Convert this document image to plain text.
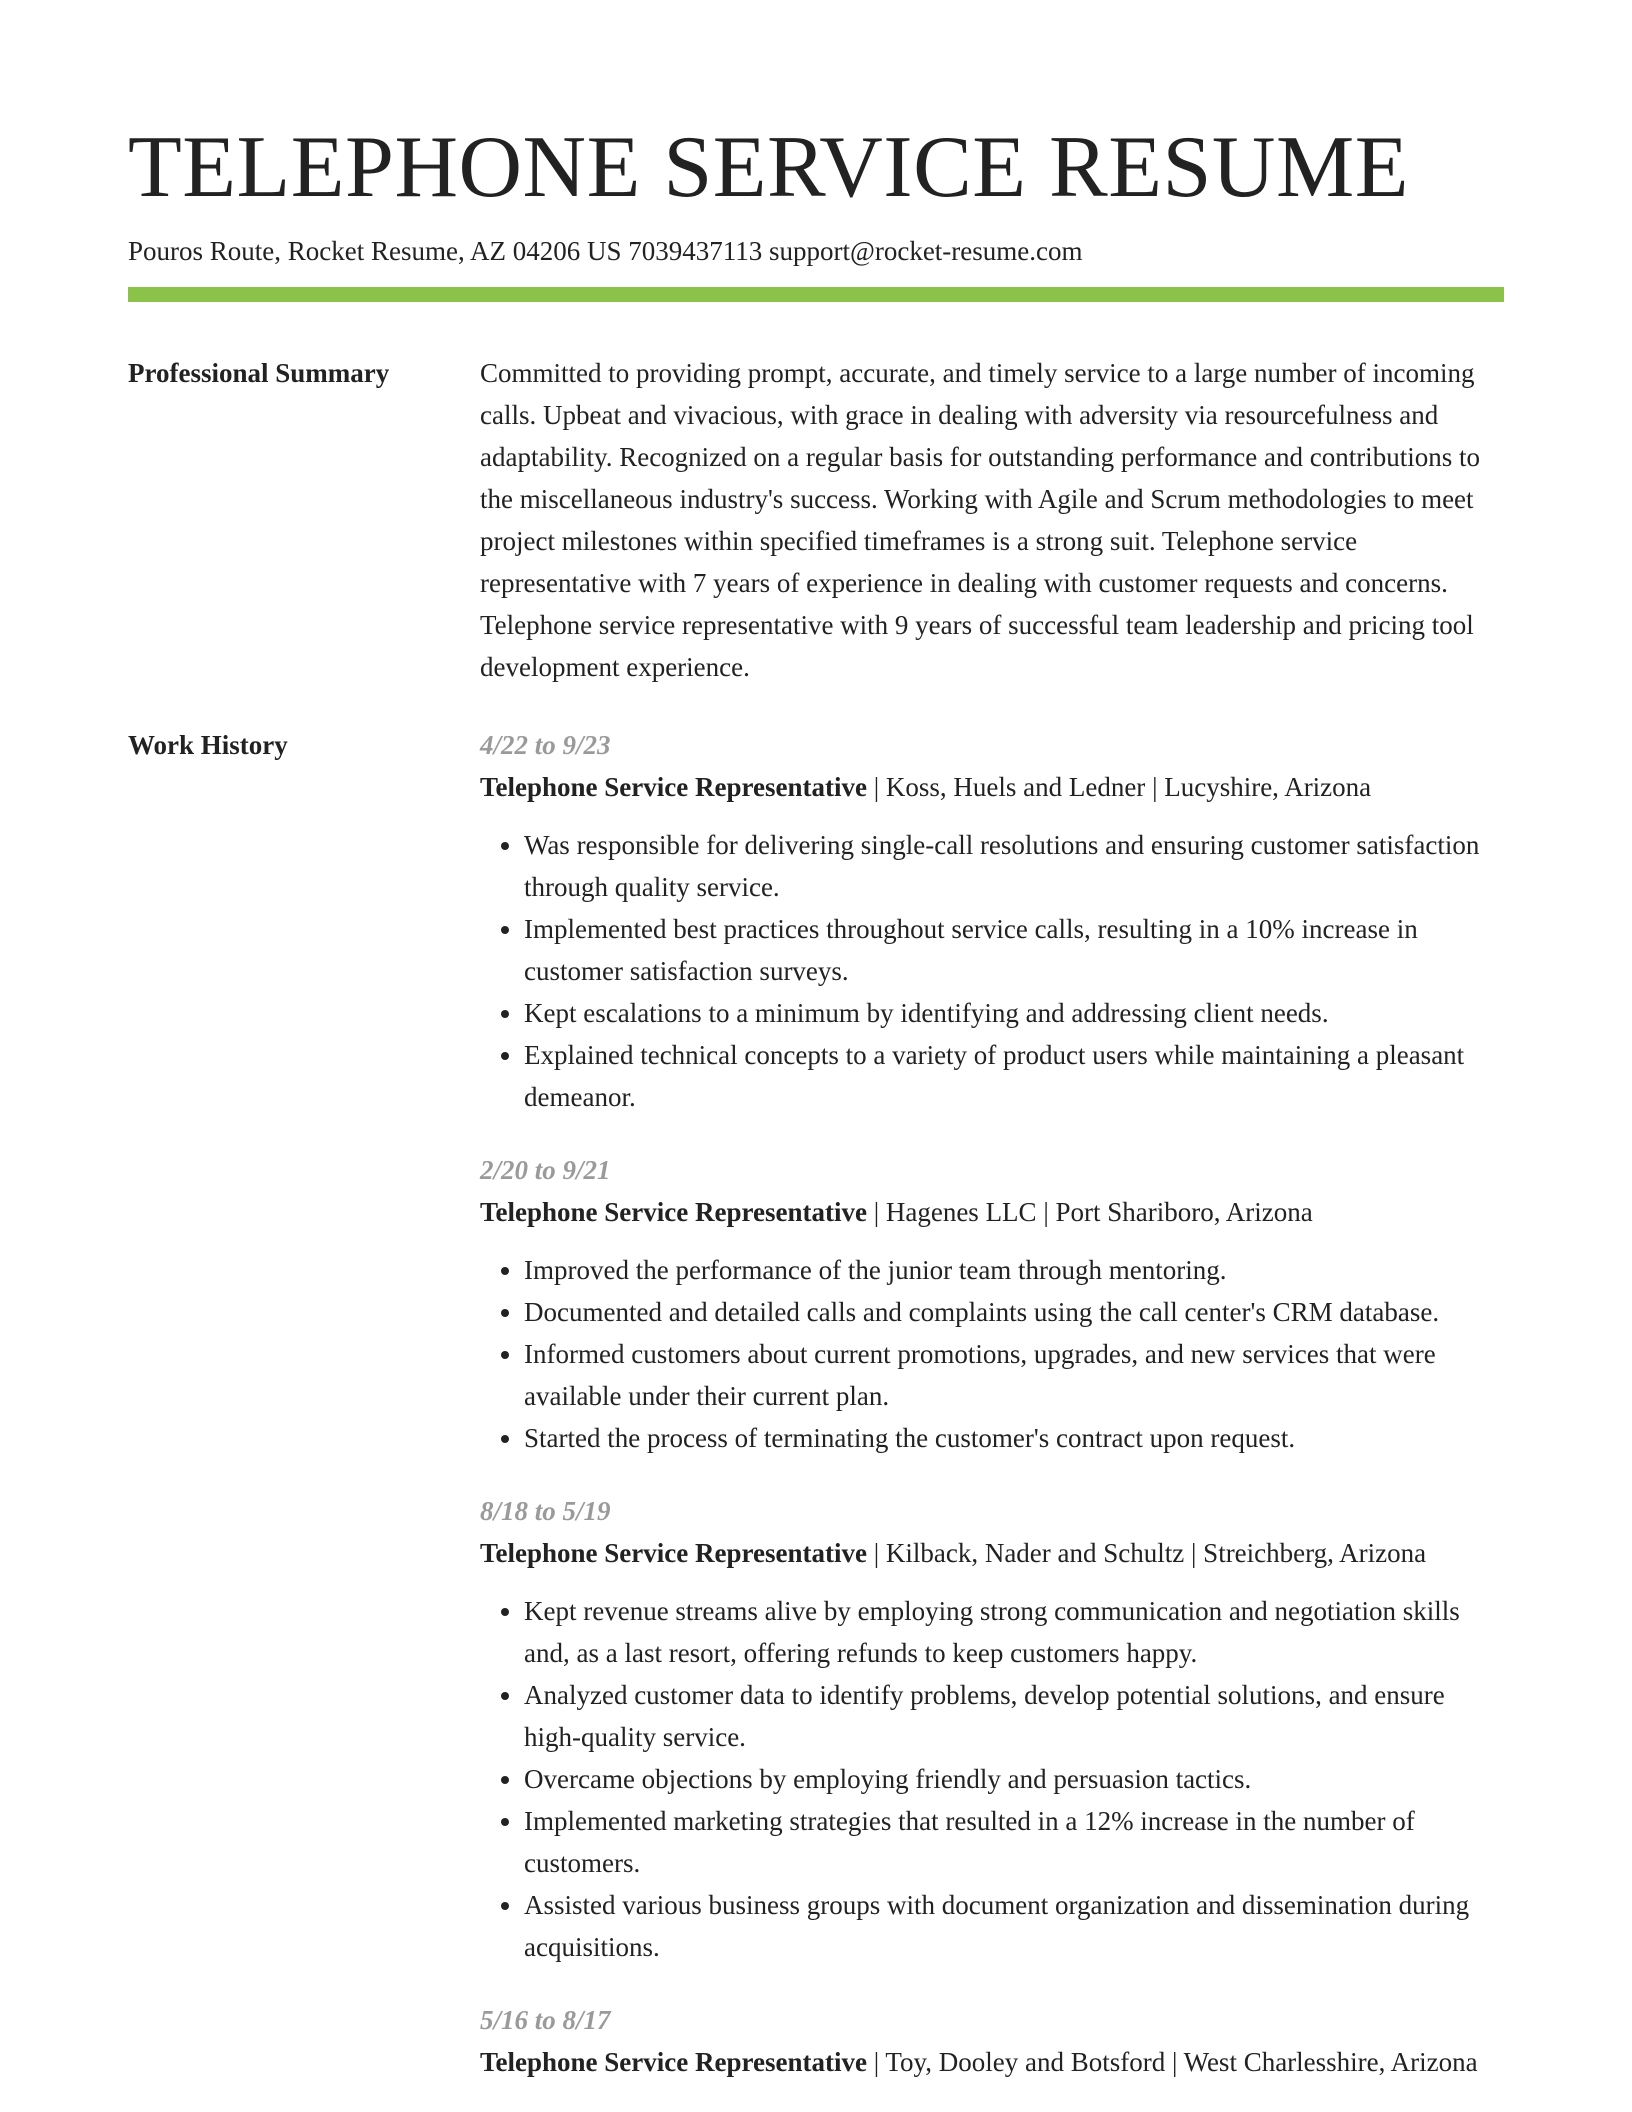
TELEPHONE SERVICE RESUME
Pouros Route, Rocket Resume, AZ 04206 US 7039437113 support@rocket-resume.com
Professional Summary	Committed to providing prompt, accurate, and timely service to a large number of incoming calls. Upbeat and vivacious, with grace in dealing with adversity via resourcefulness and adaptability. Recognized on a regular basis for outstanding performance and contributions to the miscellaneous industry's success. Working with Agile and Scrum methodologies to meet project milestones within specified timeframes is a strong suit. Telephone service representative with 7 years of experience in dealing with customer requests and concerns. Telephone service representative with 9 years of successful team leadership and pricing tool development experience.

Work History	4/22 to 9/23

Telephone Service Representative | Koss, Huels and Ledner | Lucyshire, Arizona

• Was responsible for delivering single-call resolutions and ensuring customer satisfaction through quality service.
• Implemented best practices throughout service calls, resulting in a 10% increase in customer satisfaction surveys.
• Kept escalations to a minimum by identifying and addressing client needs.
• Explained technical concepts to a variety of product users while maintaining a pleasant demeanor.
2/20 to 9/21

Telephone Service Representative | Hagenes LLC | Port Shariboro, Arizona

• Improved the performance of the junior team through mentoring.
• Documented and detailed calls and complaints using the call center's CRM database.
• Informed customers about current promotions, upgrades, and new services that were available under their current plan.
• Started the process of terminating the customer's contract upon request.
8/18 to 5/19

Telephone Service Representative | Kilback, Nader and Schultz | Streichberg, Arizona

• Kept revenue streams alive by employing strong communication and negotiation skills and, as a last resort, offering refunds to keep customers happy.
• Analyzed customer data to identify problems, develop potential solutions, and ensure high-quality service.
• Overcame objections by employing friendly and persuasion tactics.
• Implemented marketing strategies that resulted in a 12% increase in the number of customers.
• Assisted various business groups with document organization and dissemination during acquisitions.
5/16 to 8/17

Telephone Service Representative | Toy, Dooley and Botsford | West Charlesshire, Arizona
